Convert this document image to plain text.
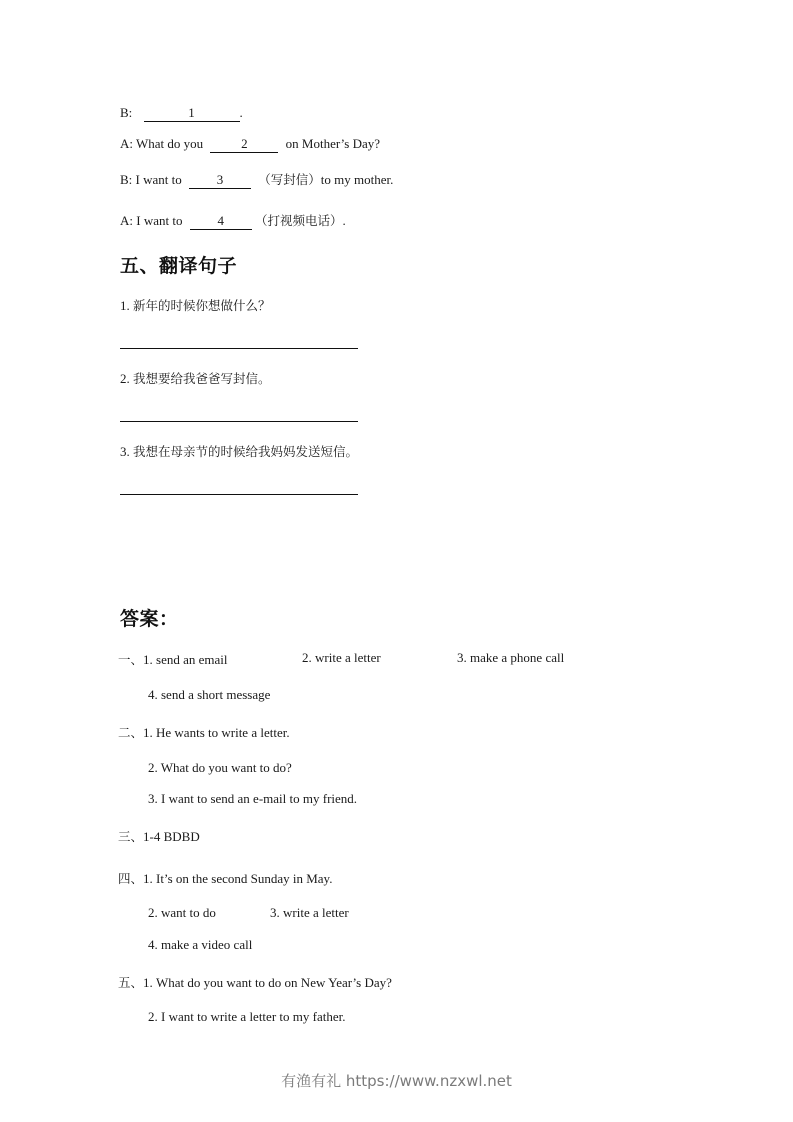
B:	1	.
A: What do you	2	on Mother’s Day?
B: I want to	3	（写封信）to my mother.
A: I want to	4 （打视频电话）.
五、翻译句子
1. 新年的时候你想做什么？
2. 我想要给我爸爸写封信。
3. 我想在母亲节的时候给我妈妈发送短信。
答案：
一、1. send an email	2. write a letter	3. make a phone call
4. send a short message
二、1. He wants to write a letter.
2. What do you want to do?
3. I want to send an e-mail to my friend.
三、1-4 BDBD
四、1. It’s on the second Sunday in May.
2. want to do	3. write a letter
4. make a video call
五、1. What do you want to do on New Year’s Day?
2. I want to write a letter to my father.
有渔有礼 https://www.nzxwl.net
